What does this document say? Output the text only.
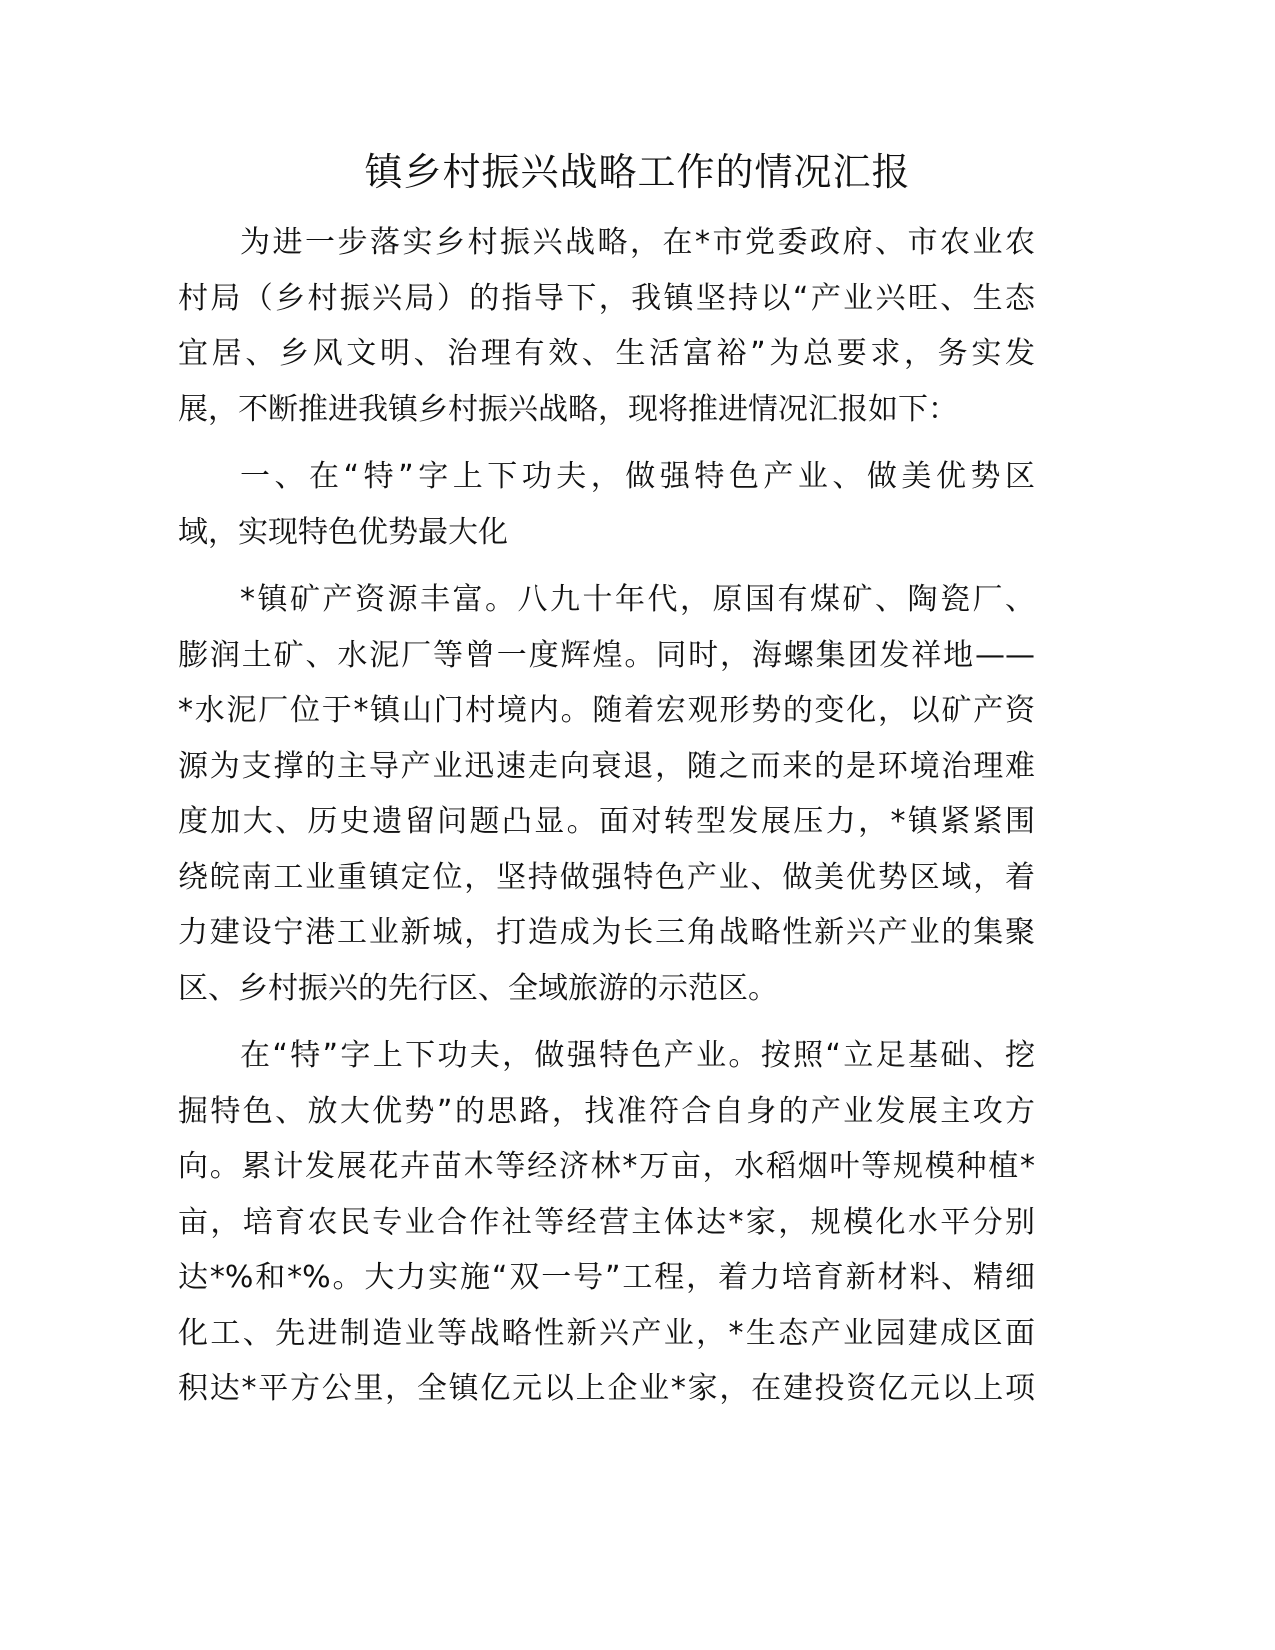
镇乡村振兴战略工作的情况汇报
为进一步落实乡村振兴战略，在*市党委政府、市农业农
村局（乡村振兴局）的指导下，我镇坚持以“产业兴旺、生态
宜居、乡风文明、治理有效、生活富裕”为总要求，务实发
展，不断推进我镇乡村振兴战略，现将推进情况汇报如下：
一、在“特”字上下功夫，做强特色产业、做美优势区
域，实现特色优势最大化
*镇矿产资源丰富。八九十年代，原国有煤矿、陶瓷厂、
膨润土矿、水泥厂等曾一度辉煌。同时，海螺集团发祥地——
*水泥厂位于*镇山门村境内。随着宏观形势的变化，以矿产资
源为支撑的主导产业迅速走向衰退，随之而来的是环境治理难
度加大、历史遗留问题凸显。面对转型发展压力，*镇紧紧围
绕皖南工业重镇定位，坚持做强特色产业、做美优势区域，着
力建设宁港工业新城，打造成为长三角战略性新兴产业的集聚
区、乡村振兴的先行区、全域旅游的示范区。
在“特”字上下功夫，做强特色产业。按照“立足基础、挖
掘特色、放大优势”的思路，找准符合自身的产业发展主攻方
向。累计发展花卉苗木等经济林*万亩，水稻烟叶等规模种植*
亩，培育农民专业合作社等经营主体达*家，规模化水平分别
达*%和*%。大力实施“双一号”工程，着力培育新材料、精细
化工、先进制造业等战略性新兴产业，*生态产业园建成区面
积达*平方公里，全镇亿元以上企业*家，在建投资亿元以上项
